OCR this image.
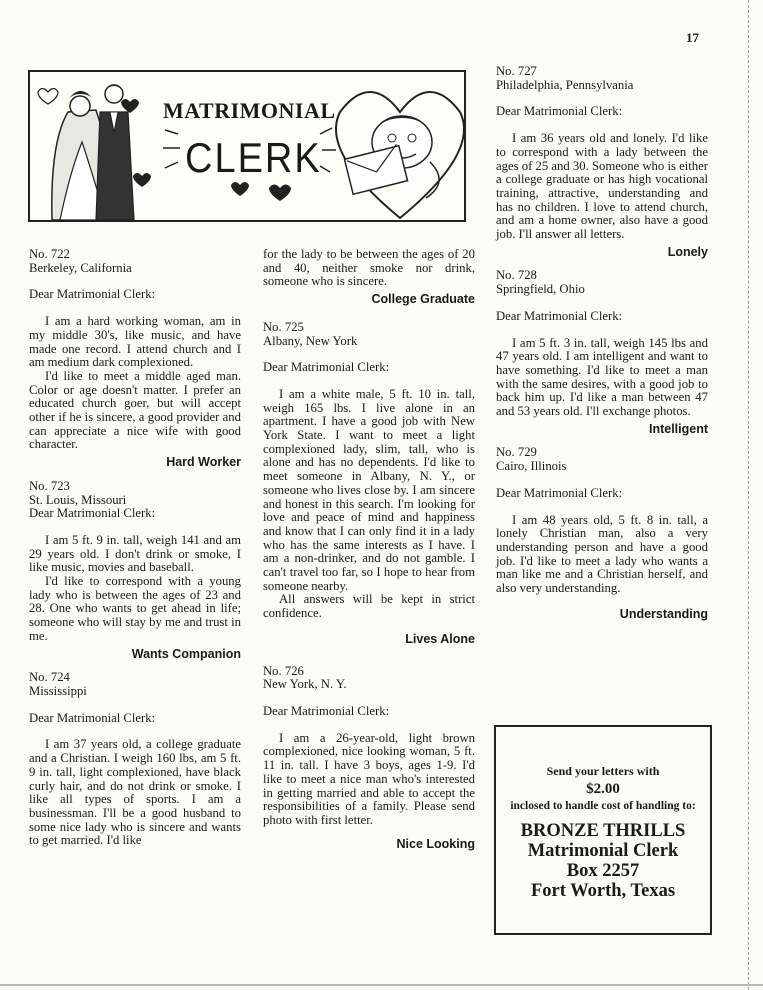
17
MATRIMONIAL
CLERK

No. 722

Berkeley, California

Dear Matrimonial Clerk:

I am a hard working woman, am in my middle 30's, like music, and have made one record. I attend church and I am medium dark complexioned.

I'd like to meet a middle aged man. Color or age doesn't matter. I prefer an educated church goer, but will accept other if he is sincere, a good provider and can appreciate a nice wife with good character.

Hard Worker

No. 723

St. Louis, Missouri

Dear Matrimonial Clerk:

I am 5 ft. 9 in. tall, weigh 141 and am 29 years old. I don't drink or smoke, I like music, movies and baseball.

I'd like to correspond with a young lady who is between the ages of 23 and 28. One who wants to get ahead in life; someone who will stay by me and trust in me.

Wants Companion

No. 724

Mississippi

Dear Matrimonial Clerk:

I am 37 years old, a college graduate and a Christian. I weigh 160 lbs, am 5 ft. 9 in. tall, light complexioned, have black curly hair, and do not drink or smoke. I like all types of sports. I am a businessman. I'll be a good husband to some nice lady who is sincere and wants to get married. I'd like

for the lady to be between the ages of 20 and 40, neither smoke nor drink, someone who is sincere.

College Graduate

No. 725

Albany, New York

Dear Matrimonial Clerk:

I am a white male, 5 ft. 10 in. tall, weigh 165 lbs. I live alone in an apartment. I have a good job with New York State. I want to meet a light complexioned lady, slim, tall, who is alone and has no dependents. I'd like to meet someone in Albany, N. Y., or someone who lives close by. I am sincere and honest in this search. I'm looking for love and peace of mind and happiness and know that I can only find it in a lady who has the same interests as I have. I am a non-drinker, and do not gamble. I can't travel too far, so I hope to hear from someone nearby.

All answers will be kept in strict confidence.

Lives Alone

No. 726

New York, N. Y.

Dear Matrimonial Clerk:

I am a 26-year-old, light brown complexioned, nice looking woman, 5 ft. 11 in. tall. I have 3 boys, ages 1-9. I'd like to meet a nice man who's interested in getting married and able to accept the responsibilities of a family. Please send photo with first letter.

Nice Looking

No. 727

Philadelphia, Pennsylvania

Dear Matrimonial Clerk:

I am 36 years old and lonely. I'd like to correspond with a lady between the ages of 25 and 30. Someone who is either a college graduate or has high vocational training, attractive, understanding and has no children. I love to attend church, and am a home owner, also have a good job. I'll answer all letters.

Lonely

No. 728

Springfield, Ohio

Dear Matrimonial Clerk:

I am 5 ft. 3 in. tall, weigh 145 lbs and 47 years old. I am intelligent and want to have something. I'd like to meet a man with the same desires, with a good job to back him up. I'd like a man between 47 and 53 years old. I'll exchange photos.

Intelligent

No. 729

Cairo, Illinois

Dear Matrimonial Clerk:

I am 48 years old, 5 ft. 8 in. tall, a lonely Christian man, also a very understanding person and have a good job. I'd like to meet a lady who wants a man like me and a Christian herself, and also very understanding.

Understanding

Send your letters with
$2.00
inclosed to handle cost of handling to:
BRONZE THRILLS
Matrimonial Clerk
Box 2257
Fort Worth, Texas
